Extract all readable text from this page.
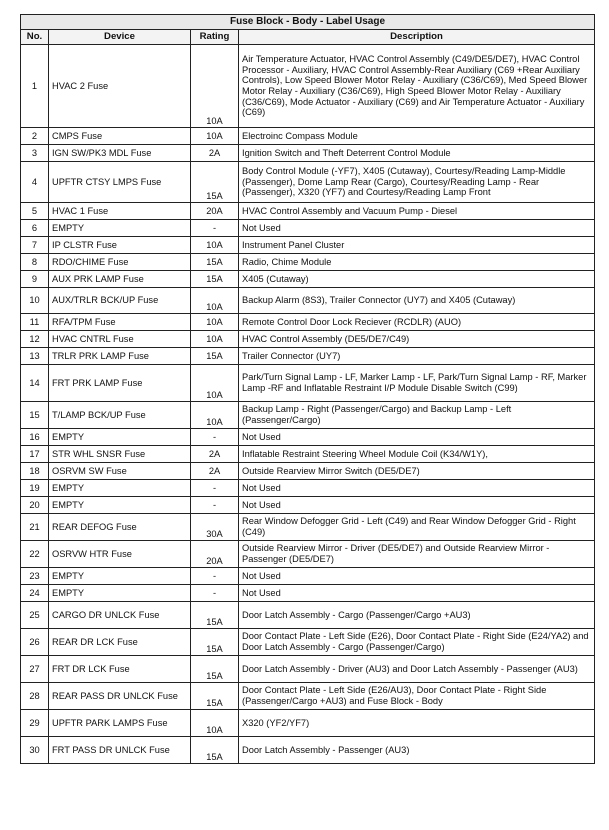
Fuse Block - Body - Label Usage			
No.	Device	Rating	Description
1	HVAC 2 Fuse	10A	Air Temperature Actuator, HVAC Control Assembly (C49/DE5/DE7), HVAC Control Processor - Auxiliary, HVAC Control Assembly-Rear Auxiliary (C69 +Rear Auxiliary Controls), Low Speed Blower Motor Relay - Auxiliary (C36/C69), Med Speed Blower Motor Relay - Auxiliary (C36/C69), High Speed Blower Motor Relay - Auxiliary (C36/C69), Mode Actuator - Auxiliary (C69) and Air Temperature Actuator - Auxiliary (C69)
2	CMPS Fuse	10A	Electroinc Compass Module
3	IGN SW/PK3 MDL Fuse	2A	Ignition Switch and Theft Deterrent Control Module
4	UPFTR CTSY LMPS Fuse	15A	Body Control Module (-YF7), X405 (Cutaway), Courtesy/Reading Lamp-Middle (Passenger), Dome Lamp Rear (Cargo), Courtesy/Reading Lamp - Rear (Passenger), X320 (YF7) and Courtesy/Reading Lamp Front
5	HVAC 1 Fuse	20A	HVAC Control Assembly and Vacuum Pump - Diesel
6	EMPTY	-	Not Used
7	IP CLSTR Fuse	10A	Instrument Panel Cluster
8	RDO/CHIME Fuse	15A	Radio, Chime Module
9	AUX PRK LAMP Fuse	15A	X405 (Cutaway)
10	AUX/TRLR BCK/UP Fuse	10A	Backup Alarm (8S3), Trailer Connector (UY7) and X405 (Cutaway)
11	RFA/TPM Fuse	10A	Remote Control Door Lock Reciever (RCDLR) (AUO)
12	HVAC CNTRL Fuse	10A	HVAC Control Assembly (DE5/DE7/C49)
13	TRLR PRK LAMP Fuse	15A	Trailer Connector (UY7)
14	FRT PRK LAMP Fuse	10A	Park/Turn Signal Lamp - LF, Marker Lamp - LF, Park/Turn Signal Lamp - RF, Marker Lamp -RF and Inflatable Restraint I/P Module Disable Switch (C99)
15	T/LAMP BCK/UP Fuse	10A	Backup Lamp - Right (Passenger/Cargo) and Backup Lamp - Left (Passenger/Cargo)
16	EMPTY	-	Not Used
17	STR WHL SNSR Fuse	2A	Inflatable Restraint Steering Wheel Module Coil (K34/W1Y),
18	OSRVM SW Fuse	2A	Outside Rearview Mirror Switch (DE5/DE7)
19	EMPTY	-	Not Used
20	EMPTY	-	Not Used
21	REAR DEFOG Fuse	30A	Rear Window Defogger Grid - Left (C49) and Rear Window Defogger Grid - Right (C49)
22	OSRVW HTR Fuse	20A	Outside Rearview Mirror - Driver (DE5/DE7) and Outside Rearview Mirror - Passenger (DE5/DE7)
23	EMPTY	-	Not Used
24	EMPTY	-	Not Used
25	CARGO DR UNLCK Fuse	15A	Door Latch Assembly - Cargo (Passenger/Cargo +AU3)
26	REAR DR LCK Fuse	15A	Door Contact Plate - Left Side (E26), Door Contact Plate - Right Side (E24/YA2) and Door Latch Assembly - Cargo (Passenger/Cargo)
27	FRT DR LCK Fuse	15A	Door Latch Assembly - Driver (AU3) and Door Latch Assembly - Passenger (AU3)
28	REAR PASS DR UNLCK Fuse	15A	Door Contact Plate - Left Side (E26/AU3), Door Contact Plate - Right Side (Passenger/Cargo +AU3) and Fuse Block - Body
29	UPFTR PARK LAMPS Fuse	10A	X320 (YF2/YF7)
30	FRT PASS DR UNLCK Fuse	15A	Door Latch Assembly - Passenger (AU3)
